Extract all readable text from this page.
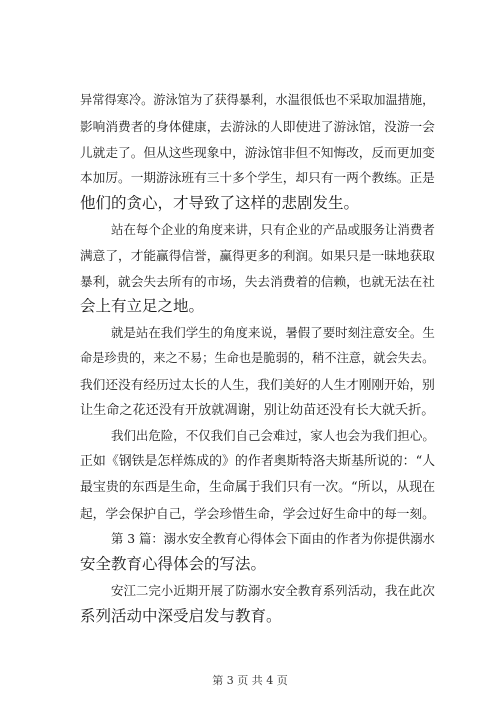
异常得寒冷。游泳馆为了获得暴利，水温很低也不采取加温措施，
影响消费者的身体健康，去游泳的人即使进了游泳馆，没游一会
儿就走了。但从这些现象中，游泳馆非但不知悔改，反而更加变
本加厉。一期游泳班有三十多个学生，却只有一两个教练。正是
他们的贪心，才导致了这样的悲剧发生。
站在每个企业的角度来讲，只有企业的产品或服务让消费者
满意了，才能赢得信誉，赢得更多的利润。如果只是一昧地获取
暴利，就会失去所有的市场，失去消费着的信赖，也就无法在社
会上有立足之地。
就是站在我们学生的角度来说，暑假了要时刻注意安全。生
命是珍贵的，来之不易；生命也是脆弱的，稍不注意，就会失去。
我们还没有经历过太长的人生，我们美好的人生才刚刚开始，别
让生命之花还没有开放就凋谢，别让幼苗还没有长大就夭折。
我们出危险，不仅我们自己会难过，家人也会为我们担心。
正如《钢铁是怎样炼成的》的作者奥斯特洛夫斯基所说的：“人
最宝贵的东西是生命，生命属于我们只有一次。“所以，从现在
起，学会保护自己，学会珍惜生命，学会过好生命中的每一刻。
第 3 篇：溺水安全教育心得体会下面由的作者为你提供溺水
安全教育心得体会的写法。
安江二完小近期开展了防溺水安全教育系列活动，我在此次
系列活动中深受启发与教育。
第 3 页 共 4 页
